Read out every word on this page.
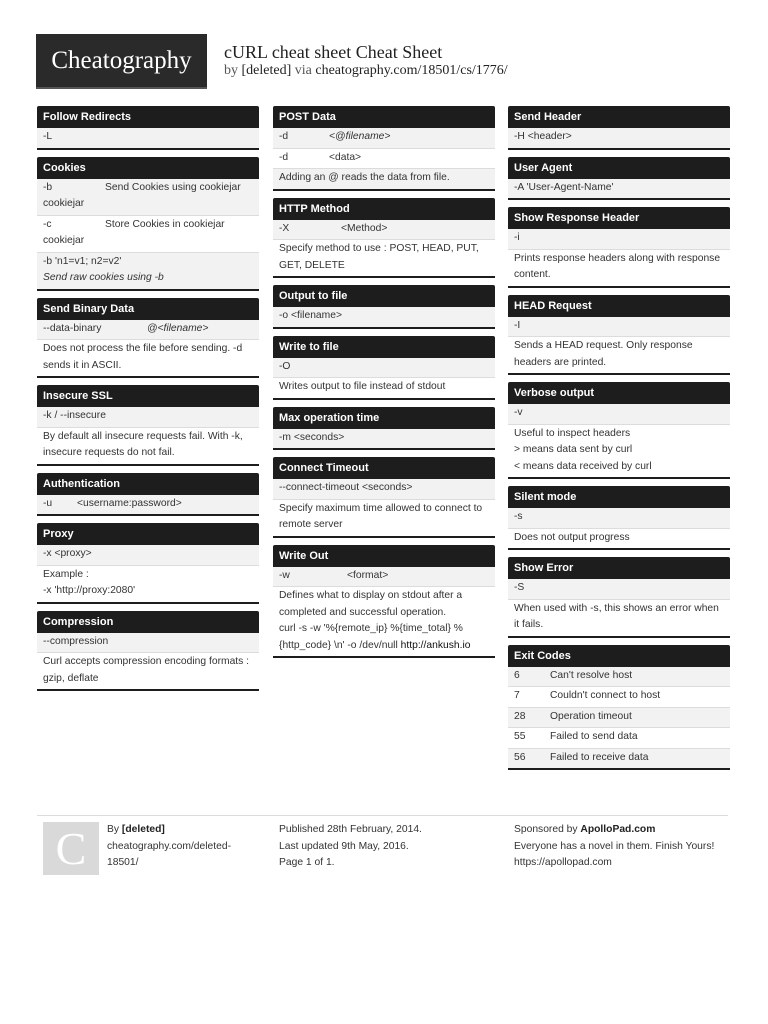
Cheatography	cURL cheat sheet Cheat Sheet
by [deleted] via cheatography.com/18501/cs/1776/
Follow Redirects
-L
Cookies
-b	Send Cookies using cookiejar
cookiejar
-c	Store Cookies in cookiejar
cookiejar
-b 'n1=v1; n2=v2'
Send raw cookies using -b
Send Binary Data
--data-binary	@<filename>
Does not process the file before sending. -d sends it in ASCII.
Insecure SSL
-k / --insecure
By default all insecure requests fail. With -k, insecure requests do not fail.
Authentication
-u <username:password>
Proxy
-x <proxy>
Example :
-x 'http://proxy:2080'
Compression
--compression
Curl accepts compression encoding formats : gzip, deflate
POST Data
-d	<@filename>
-d	<data>
Adding an @ reads the data from file.
HTTP Method
-X	<Method>
Specify method to use : POST, HEAD, PUT, GET, DELETE
Output to file
-o <filename>
Write to file
-O
Writes output to file instead of stdout
Max operation time
-m <seconds>
Connect Timeout
--connect-timeout <seconds>
Specify maximum time allowed to connect to remote server
Write Out
-w	<format>
Defines what to display on stdout after a completed and successful operation.
curl -s -w '%{remote_ip} %{time_total} %{http_code} \n' -o /dev/null http://ankush.io
Send Header
-H <header>
User Agent
-A 'User-Agent-Name'
Show Response Header
-i
Prints response headers along with response content.
HEAD Request
-I
Sends a HEAD request. Only response headers are printed.
Verbose output
-v
Useful to inspect headers
> means data sent by curl
< means data received by curl
Silent mode
-s
Does not output progress
Show Error
-S
When used with -s, this shows an error when it fails.
Exit Codes
6	Can't resolve host
7	Couldn't connect to host
28 Operation timeout
55 Failed to send data
56 Failed to receive data
C	By [deleted]
cheatography.com/deleted-
18501/
Published 28th February, 2014.
Last updated 9th May, 2016.
Page 1 of 1.
Sponsored by ApolloPad.com
Everyone has a novel in them. Finish Yours!
https://apollopad.com
